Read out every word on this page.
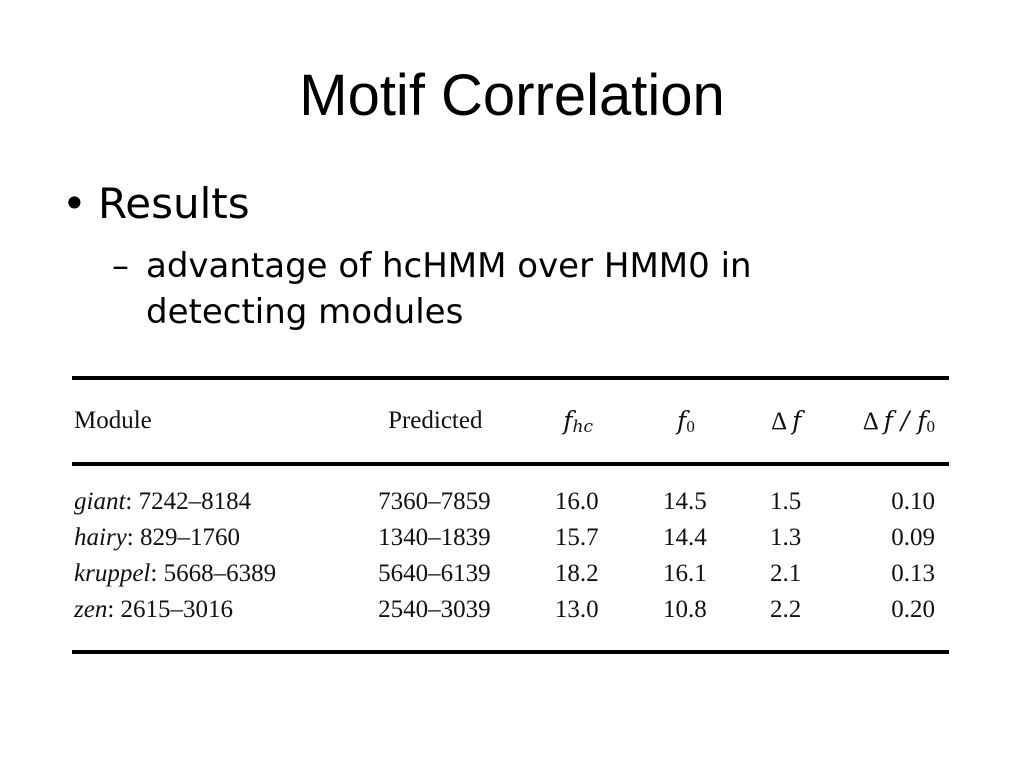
Motif Correlation
• Results
– advantage of hcHMM over HMM0 in detecting modules
Module	Predicted	fhc	f0	Δ f	Δ f / f0
giant: 7242–8184	7360–7859	16.0	14.5	1.5	0.10
hairy: 829–1760	1340–1839	15.7	14.4	1.3	0.09
kruppel: 5668–6389	5640–6139	18.2	16.1	2.1	0.13
zen: 2615–3016	2540–3039	13.0	10.8	2.2	0.20
